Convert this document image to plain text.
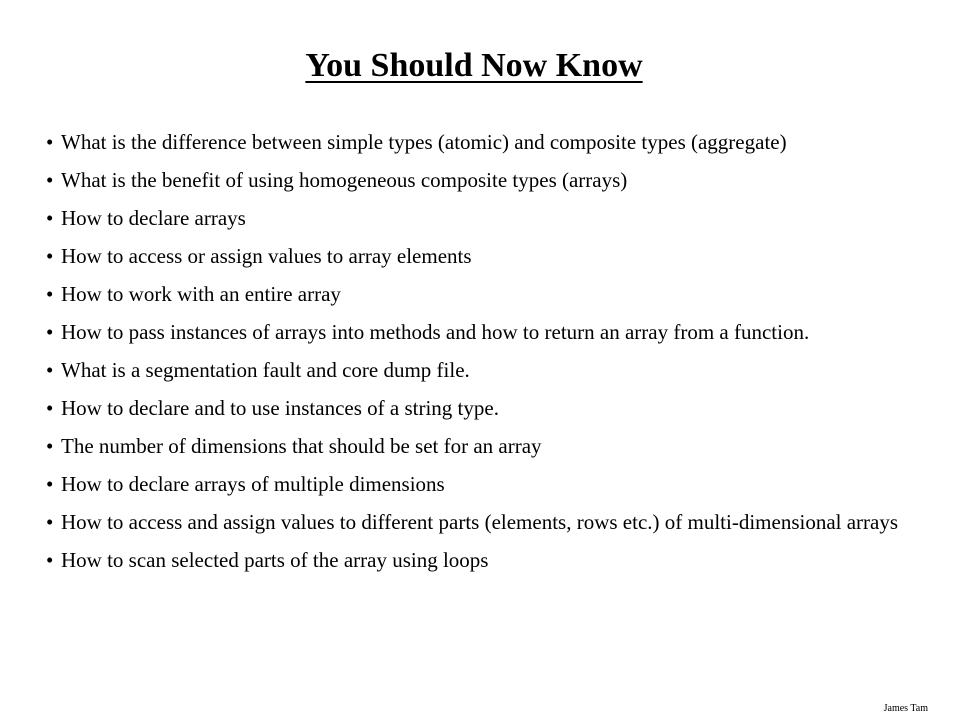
You Should Now Know
• What is the difference between simple types (atomic) and composite types (aggregate)
• What is the benefit of using homogeneous composite types (arrays)
• How to declare arrays
• How to access or assign values to array elements
• How to work with an entire array
• How to pass instances of arrays into methods and how to return an array from a function.
• What is a segmentation fault and core dump file.
• How to declare and to use instances of a string type.
• The number of dimensions that should be set for an array
• How to declare arrays of multiple dimensions
• How to access and assign values to different parts (elements, rows etc.) of multi-dimensional arrays
• How to scan selected parts of the array using loops
James Tam
